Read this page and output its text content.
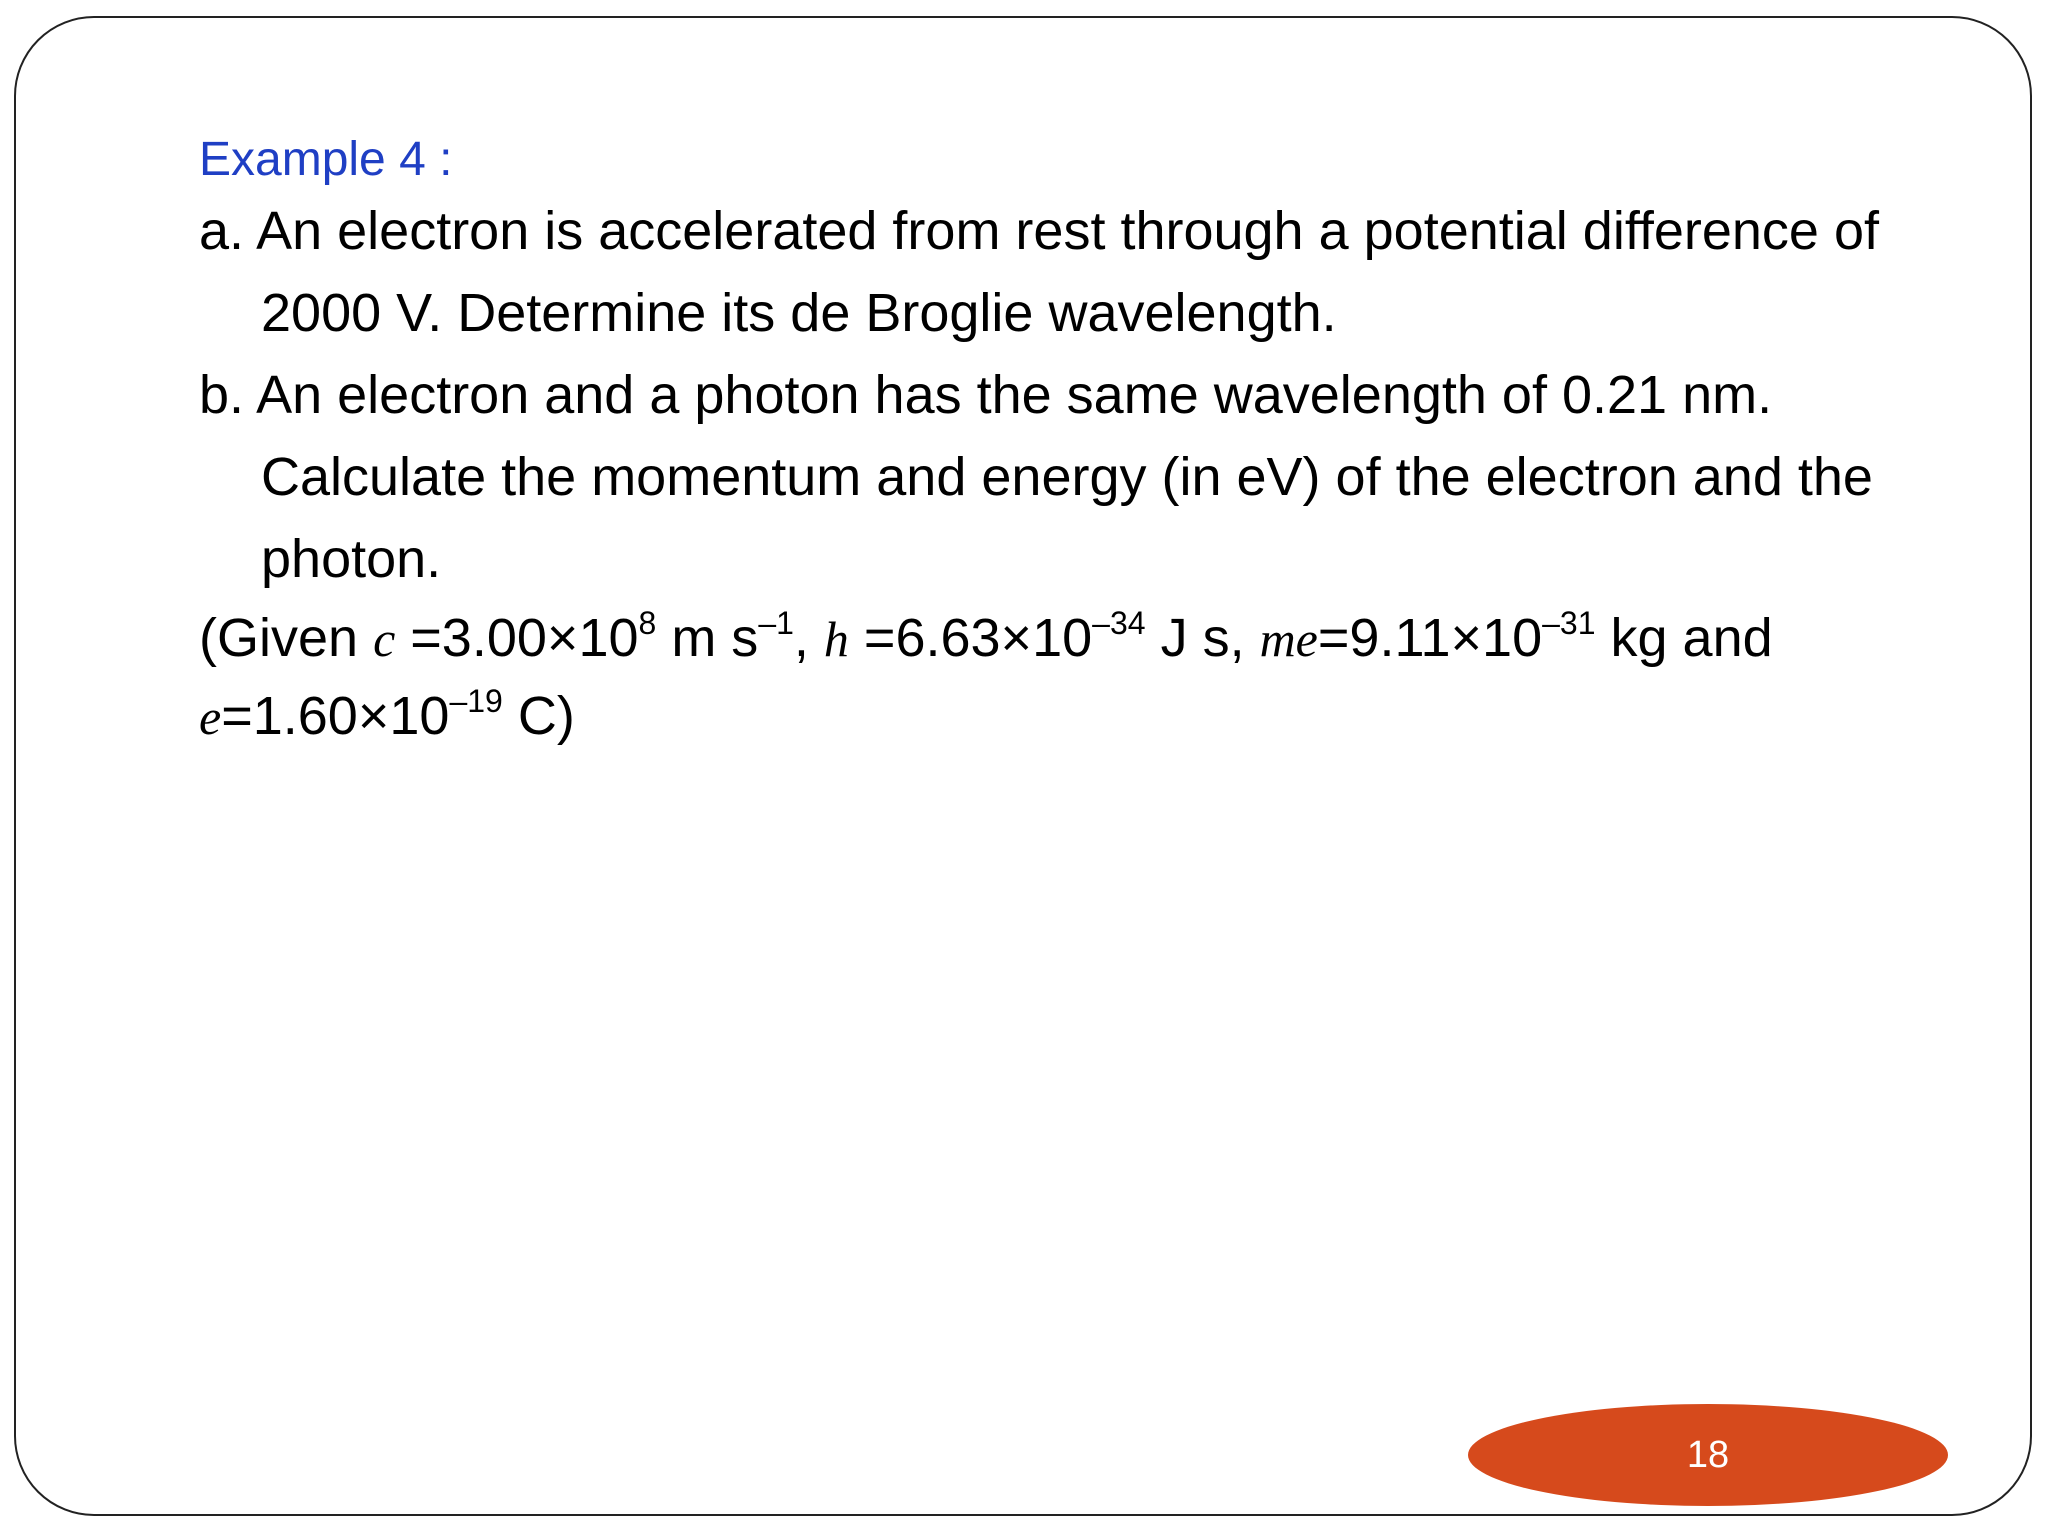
Example 4 :

a. An electron is accelerated from rest through a potential difference of 2000 V. Determine its de Broglie wavelength.

b. An electron and a photon has the same wavelength of 0.21 nm. Calculate the momentum and energy (in eV) of the electron and the photon.

(Given $c =3.00\times 10^8$ m $s^{-1}$, $h =6.63\times 10^{-34}$ J s, $me=9.11\times 10^{-31}$ kg and
$e=1.60\times 10^{-19}$ C)

18
